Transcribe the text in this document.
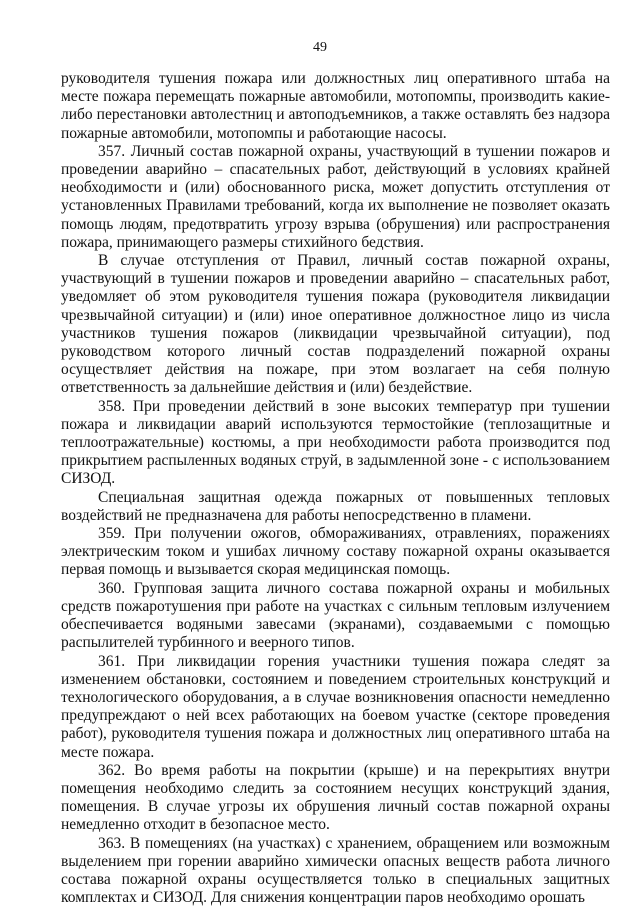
49

руководителя тушения пожара или должностных лиц оперативного штаба на месте пожара перемещать пожарные автомобили, мотопомпы, производить какие-либо перестановки автолестниц и автоподъемников, а также оставлять без надзора пожарные автомобили, мотопомпы и работающие насосы.

357. Личный состав пожарной охраны, участвующий в тушении пожаров и проведении аварийно – спасательных работ, действующий в условиях крайней необходимости и (или) обоснованного риска, может допустить отступления от установленных Правилами требований, когда их выполнение не позволяет оказать помощь людям, предотвратить угрозу взрыва (обрушения) или распространения пожара, принимающего размеры стихийного бедствия.

В случае отступления от Правил, личный состав пожарной охраны, участвующий в тушении пожаров и проведении аварийно – спасательных работ, уведомляет об этом руководителя тушения пожара (руководителя ликвидации чрезвычайной ситуации) и (или) иное оперативное должностное лицо из числа участников тушения пожаров (ликвидации чрезвычайной ситуации), под руководством которого личный состав подразделений пожарной охраны осуществляет действия на пожаре, при этом возлагает на себя полную ответственность за дальнейшие действия и (или) бездействие.

358. При проведении действий в зоне высоких температур при тушении пожара и ликвидации аварий используются термостойкие (теплозащитные и теплоотражательные) костюмы, а при необходимости работа производится под прикрытием распыленных водяных струй, в задымленной зоне - с использованием СИЗОД.

Специальная защитная одежда пожарных от повышенных тепловых воздействий не предназначена для работы непосредственно в пламени.

359. При получении ожогов, обмораживаниях, отравлениях, поражениях электрическим током и ушибах личному составу пожарной охраны оказывается первая помощь и вызывается скорая медицинская помощь.

360. Групповая защита личного состава пожарной охраны и мобильных средств пожаротушения при работе на участках с сильным тепловым излучением обеспечивается водяными завесами (экранами), создаваемыми с помощью распылителей турбинного и веерного типов.

361. При ликвидации горения участники тушения пожара следят за изменением обстановки, состоянием и поведением строительных конструкций и технологического оборудования, а в случае возникновения опасности немедленно предупреждают о ней всех работающих на боевом участке (секторе проведения работ), руководителя тушения пожара и должностных лиц оперативного штаба на месте пожара.

362. Во время работы на покрытии (крыше) и на перекрытиях внутри помещения необходимо следить за состоянием несущих конструкций здания, помещения. В случае угрозы их обрушения личный состав пожарной охраны немедленно отходит в безопасное место.

363. В помещениях (на участках) с хранением, обращением или возможным выделением при горении аварийно химически опасных веществ работа личного состава пожарной охраны осуществляется только в специальных защитных комплектах и СИЗОД. Для снижения концентрации паров необходимо орошать
